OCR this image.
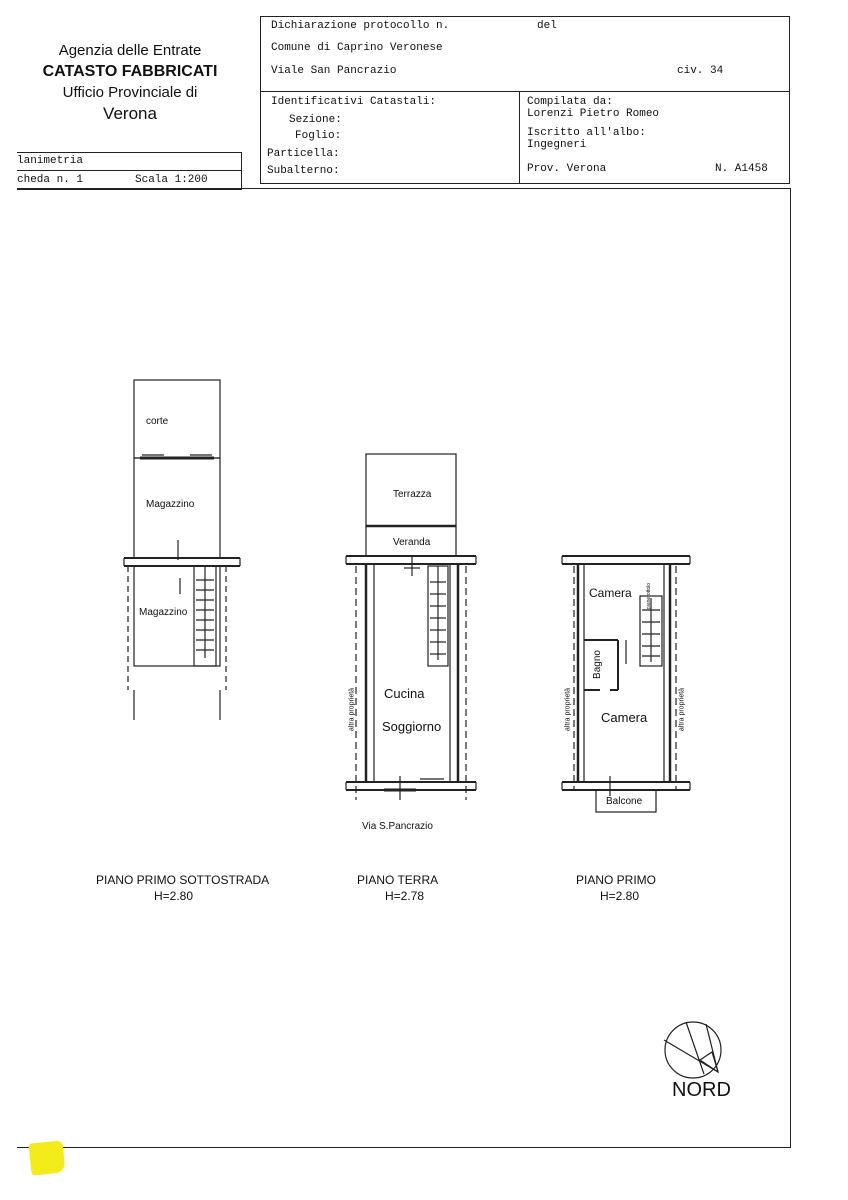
Agenzia delle Entrate
CATASTO FABBRICATI
Ufficio Provinciale di
Verona
lanimetria
cheda n. 1	Scala 1:200
Dichiarazione protocollo n.	del
Comune di Caprino Veronese
Viale San Pancrazio	civ. 34
Identificativi Catastali:
Sezione:
Foglio:
Particella:
Subalterno:
Compilata da:
Lorenzi Pietro Romeo
Iscritto all'albo:
Ingegneri
Prov. Verona	N. A1458
corte
Magazzino
Magazzino
Terrazza
Veranda
Cucina
Soggiorno
altra proprietà
Via S.Pancrazio
Camera
Bagno
Camera
Balcone
pianerottolo
altra proprietà	altra proprietà
PIANO PRIMO SOTTOSTRADA
H=2.80
PIANO TERRA
H=2.78
PIANO PRIMO
H=2.80
NORD
